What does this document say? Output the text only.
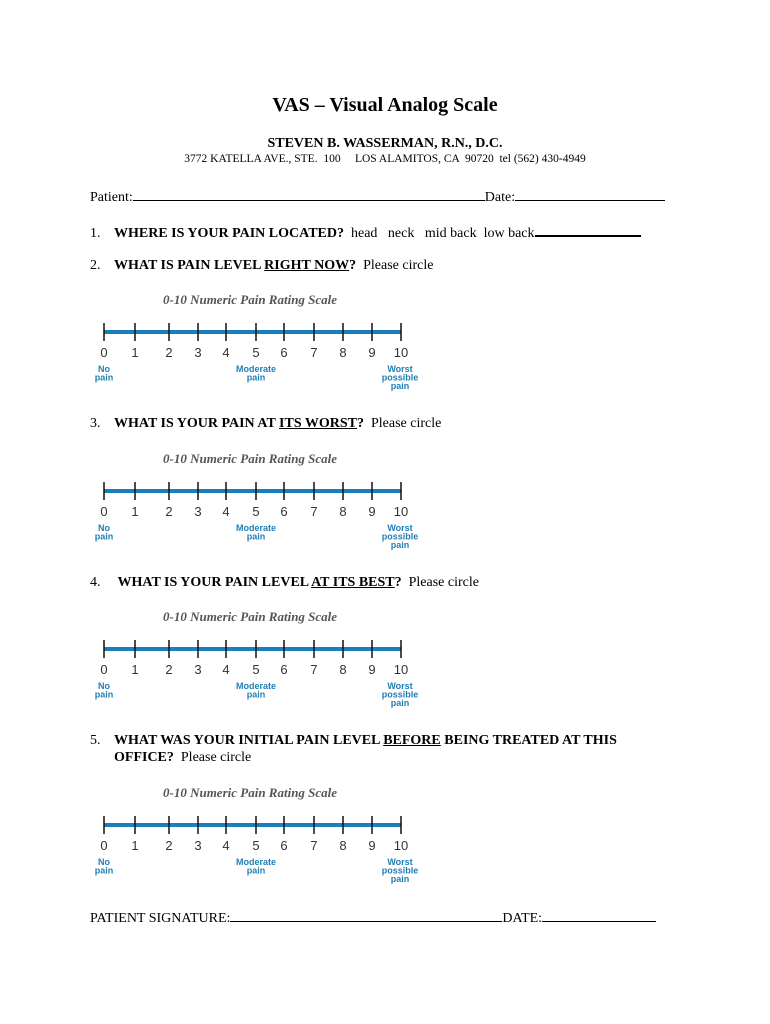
VAS – Visual Analog Scale
STEVEN B. WASSERMAN, R.N., D.C.
3772 KATELLA AVE., STE.  100     LOS ALAMITOS, CA  90720  tel (562) 430-4949
Patient:	Date:
1. WHERE IS YOUR PAIN LOCATED? head   neck   mid back  low back
2. WHAT IS PAIN LEVEL RIGHT NOW? Please circle
0-10 Numeric Pain Rating Scale
0 1 2 3 4 5 6 7 8 9 10
No
pain
Moderate
pain
Worst
possible
pain
3. WHAT IS YOUR PAIN AT ITS WORST? Please circle
0-10 Numeric Pain Rating Scale
0 1 2 3 4 5 6 7 8 9 10
No
pain
Moderate
pain
Worst
possible
pain
4. WHAT IS YOUR PAIN LEVEL AT ITS BEST? Please circle
0-10 Numeric Pain Rating Scale
0 1 2 3 4 5 6 7 8 9 10
No
pain
Moderate
pain
Worst
possible
pain
5. WHAT WAS YOUR INITIAL PAIN LEVEL BEFORE BEING TREATED AT THIS
OFFICE? Please circle
0-10 Numeric Pain Rating Scale
0 1 2 3 4 5 6 7 8 9 10
No
pain
Moderate
pain
Worst
possible
pain
PATIENT SIGNATURE:	DATE:
